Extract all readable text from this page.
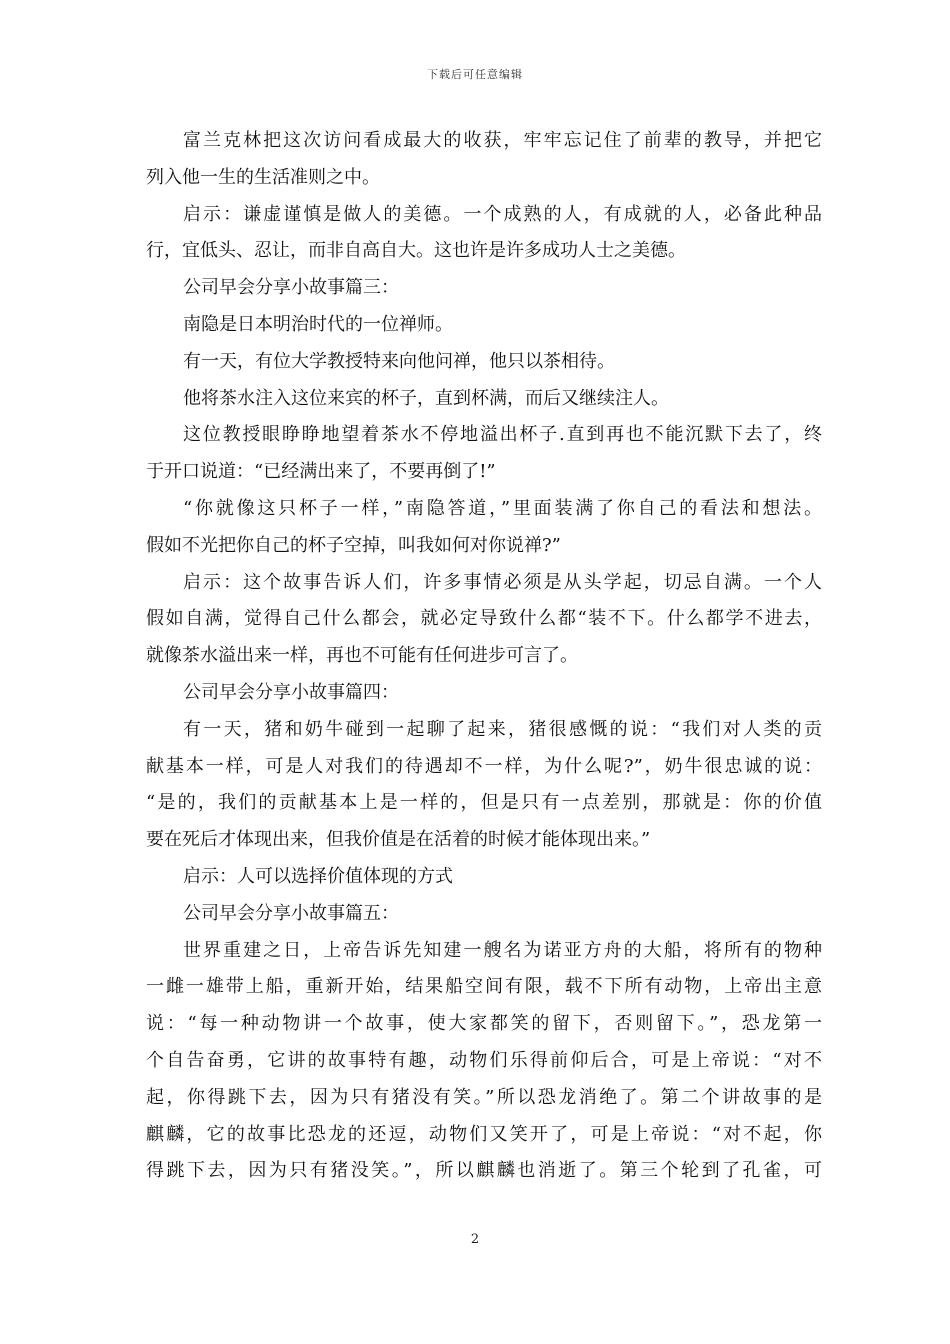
下载后可任意编辑
富兰克林把这次访问看成最大的收获，牢牢忘记住了前辈的教导，并把它
列入他一生的生活准则之中。
启示：谦虚谨慎是做人的美德。一个成熟的人，有成就的人，必备此种品
行，宜低头、忍让，而非自高自大。这也许是许多成功人士之美德。
公司早会分享小故事篇三：
南隐是日本明治时代的一位禅师。
有一天，有位大学教授特来向他问禅，他只以茶相待。
他将茶水注入这位来宾的杯子，直到杯满，而后又继续注人。
这位教授眼睁睁地望着茶水不停地溢出杯子.直到再也不能沉默下去了，终
于开口说道：“已经满出来了，不要再倒了!”
“你就像这只杯子一样，”南隐答道，”里面装满了你自己的看法和想法。
假如不光把你自己的杯子空掉，叫我如何对你说禅?”
启示：这个故事告诉人们，许多事情必须是从头学起，切忌自满。一个人
假如自满，觉得自己什么都会，就必定导致什么都“装不下。什么都学不进去，
就像茶水溢出来一样，再也不可能有任何进步可言了。
公司早会分享小故事篇四：
有一天，猪和奶牛碰到一起聊了起来，猪很感慨的说：“我们对人类的贡
献基本一样，可是人对我们的待遇却不一样，为什么呢?”，奶牛很忠诚的说：
“是的，我们的贡献基本上是一样的，但是只有一点差别，那就是：你的价值
要在死后才体现出来，但我价值是在活着的时候才能体现出来。”
启示：人可以选择价值体现的方式
公司早会分享小故事篇五：
世界重建之日，上帝告诉先知建一艘名为诺亚方舟的大船，将所有的物种
一雌一雄带上船，重新开始，结果船空间有限，载不下所有动物，上帝出主意
说：“每一种动物讲一个故事，使大家都笑的留下，否则留下。”，恐龙第一
个自告奋勇，它讲的故事特有趣，动物们乐得前仰后合，可是上帝说：“对不
起，你得跳下去，因为只有猪没有笑。”所以恐龙消绝了。第二个讲故事的是
麒麟，它的故事比恐龙的还逗，动物们又笑开了，可是上帝说：“对不起，你
得跳下去，因为只有猪没笑。”，所以麒麟也消逝了。第三个轮到了孔雀，可
2
